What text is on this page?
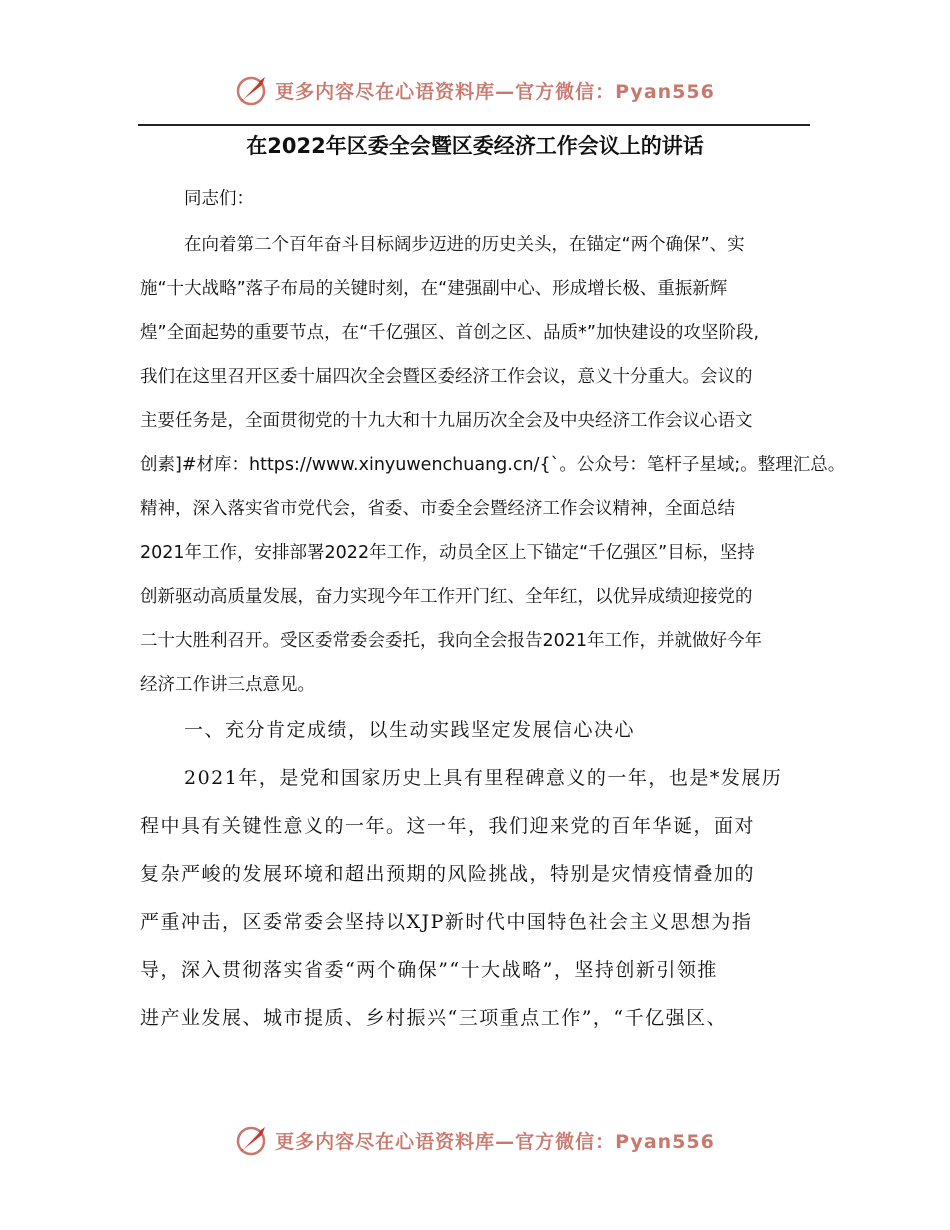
更多内容尽在心语资料库—官方微信：Pyan556
在2022年区委全会暨区委经济工作会议上的讲话
同志们：
在向着第二个百年奋斗目标阔步迈进的历史关头，在锚定“两个确保”、实
施“十大战略”落子布局的关键时刻，在“建强副中心、形成增长极、重振新辉
煌”全面起势的重要节点，在“千亿强区、首创之区、品质*”加快建设的攻坚阶段,
我们在这里召开区委十届四次全会暨区委经济工作会议，意义十分重大。会议的
主要任务是，全面贯彻党的十九大和十九届历次全会及中央经济工作会议心语文
创素]#材库：https://www.xinyuwenchuang.cn/{`。公众号：笔杆子星域;。整理汇总。
精神，深入落实省市党代会，省委、市委全会暨经济工作会议精神，全面总结
2021年工作，安排部署2022年工作，动员全区上下锚定“千亿强区”目标，坚持
创新驱动高质量发展，奋力实现今年工作开门红、全年红，以优异成绩迎接党的
二十大胜利召开。受区委常委会委托，我向全会报告2021年工作，并就做好今年
经济工作讲三点意见。
一、充分肯定成绩，以生动实践坚定发展信心决心
2021年，是党和国家历史上具有里程碑意义的一年，也是*发展历
程中具有关键性意义的一年。这一年，我们迎来党的百年华诞，面对
复杂严峻的发展环境和超出预期的风险挑战，特别是灾情疫情叠加的
严重冲击，区委常委会坚持以XJP新时代中国特色社会主义思想为指
导，深入贯彻落实省委“两个确保”“十大战略”，坚持创新引领推
进产业发展、城市提质、乡村振兴“三项重点工作”，“千亿强区、
更多内容尽在心语资料库—官方微信：Pyan556
